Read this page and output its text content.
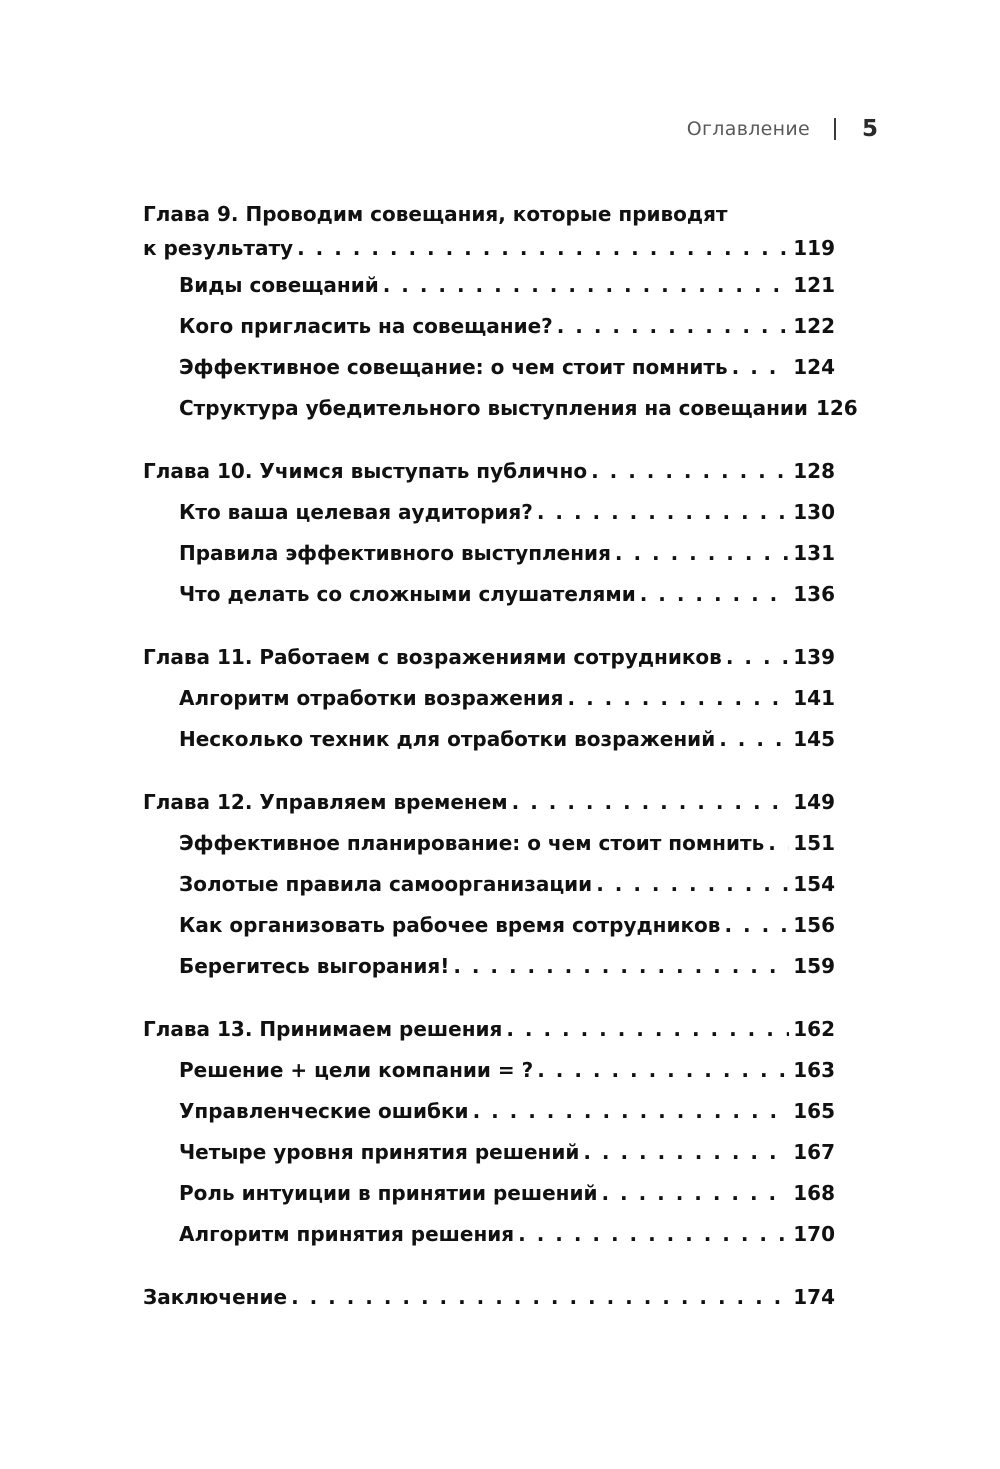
Оглавление 5
Глава 9. Проводим совещания, которые приводят
к результату . . .	119
Виды совещаний . . .	121
Кого пригласить на совещание? . . .	122
Эффективное совещание: о чем стоит помнить . . .	124
Структура убедительного выступления на совещании 126
Глава 10. Учимся выступать публично . . .	128
Кто ваша целевая аудитория? . . .	130
Правила эффективного выступления . . .	131
Что делать со сложными слушателями . . .	136
Глава 11. Работаем с возражениями сотрудников . . .	139
Алгоритм отработки возражения . . .	141
Несколько техник для отработки возражений . . .	145
Глава 12. Управляем временем . . .	149
Эффективное планирование: о чем стоит помнить . . . 151
Золотые правила самоорганизации . . .	154
Как организовать рабочее время сотрудников . . .	156
Берегитесь выгорания! . . .	159
Глава 13. Принимаем решения . . .	162
Решение + цели компании = ? . . .	163
Управленческие ошибки . . .	165
Четыре уровня принятия решений . . .	167
Роль интуиции в принятии решений . . .	168
Алгоритм принятия решения . . .	170
Заключение . . .	174
